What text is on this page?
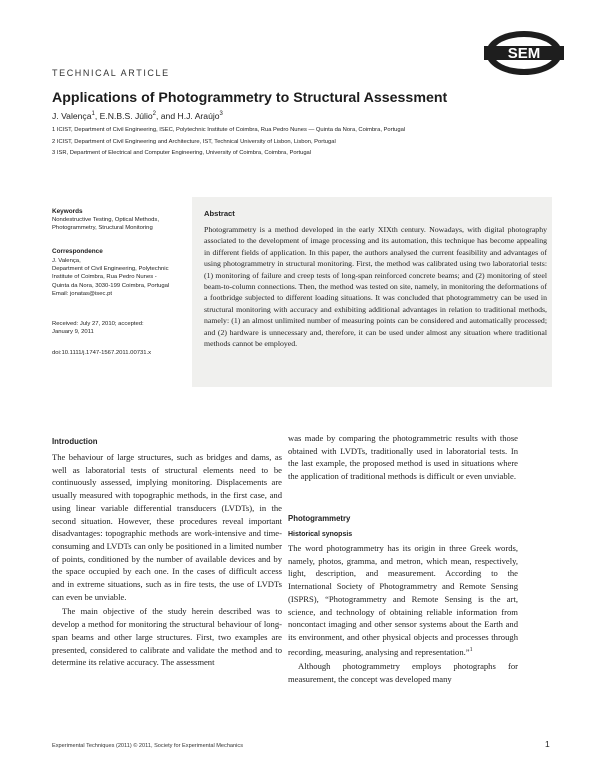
SEM
TECHNICAL ARTICLE
Applications of Photogrammetry to Structural Assessment
J. Valença$^1$, E.N.B.S. Júlio$^2$, and H.J. Araújo$^3$
1 ICIST, Department of Civil Engineering, ISEC, Polytechnic Institute of Coimbra, Rua Pedro Nunes — Quinta da Nora, Coimbra, Portugal
2 ICIST, Department of Civil Engineering and Architecture, IST, Technical University of Lisbon, Lisbon, Portugal
3 ISR, Department of Electrical and Computer Engineering, University of Coimbra, Coimbra, Portugal
Keywords
Nondestructive Testing, Optical Methods, Photogrammetry, Structural Monitoring
Correspondence
J. Valença,
Department of Civil Engineering, Polytechnic
Institute of Coimbra, Rua Pedro Nunes -
Quinta da Nora, 3030-199 Coimbra, Portugal
Email: jonatas@isec.pt
Received: July 27, 2010; accepted:
January 9, 2011
doi:10.1111/j.1747-1567.2011.00731.x
Abstract
Photogrammetry is a method developed in the early XIXth century. Nowadays, with digital photography associated to the development of image processing and its automation, this technique has become appealing in different fields of application. In this paper, the authors analysed the current feasibility and advantages of using photogrammetry in structural monitoring. First, the method was calibrated using two laboratorial tests: (1) monitoring of failure and creep tests of long-span reinforced concrete beams; and (2) monitoring of steel beam-to-column connections. Then, the method was tested on site, namely, in monitoring the deformations of a footbridge subjected to different loading situations. It was concluded that photogrammetry can be used in structural monitoring with accuracy and exhibiting additional advantages in relation to traditional methods, namely: (1) an almost unlimited number of measuring points can be considered and automatically processed; and (2) hardware is unnecessary and, therefore, it can be used under almost any situation where traditional methods cannot be employed.
Introduction

The behaviour of large structures, such as bridges and dams, as well as laboratorial tests of structural elements need to be continuously assessed, implying monitoring. Displacements are usually measured with topographic methods, in the first case, and using linear variable differential transducers (LVDTs), in the second situation. However, these procedures reveal important disadvantages: topographic methods are work-intensive and time-consuming and LVDTs can only be positioned in a limited number of points, conditioned by the number of available devices and by the space occupied by each one. In the cases of difficult access and in extreme situations, such as in fire tests, the use of LVDTs can even be unviable.

The main objective of the study herein described was to develop a method for monitoring the structural behaviour of long-span beams and other large structures. First, two examples are presented, considered to calibrate and validate the method and to determine its relative accuracy. The assessment

was made by comparing the photogrammetric results with those obtained with LVDTs, traditionally used in laboratorial tests. In the last example, the proposed method is used in situations where the application of traditional methods is difficult or even unviable.

Photogrammetry
Historical synopsis

The word photogrammetry has its origin in three Greek words, namely, photos, gramma, and metron, which mean, respectively, light, description, and measurement. According to the International Society of Photogrammetry and Remote Sensing (ISPRS), “Photogrammetry and Remote Sensing is the art, science, and technology of obtaining reliable information from noncontact imaging and other sensor systems about the Earth and its environment, and other physical objects and processes through recording, measuring, analysing and representation.”$^1$

Although photogrammetry employs photographs for measurement, the concept was developed many

Experimental Techniques (2011) © 2011, Society for Experimental Mechanics	1
